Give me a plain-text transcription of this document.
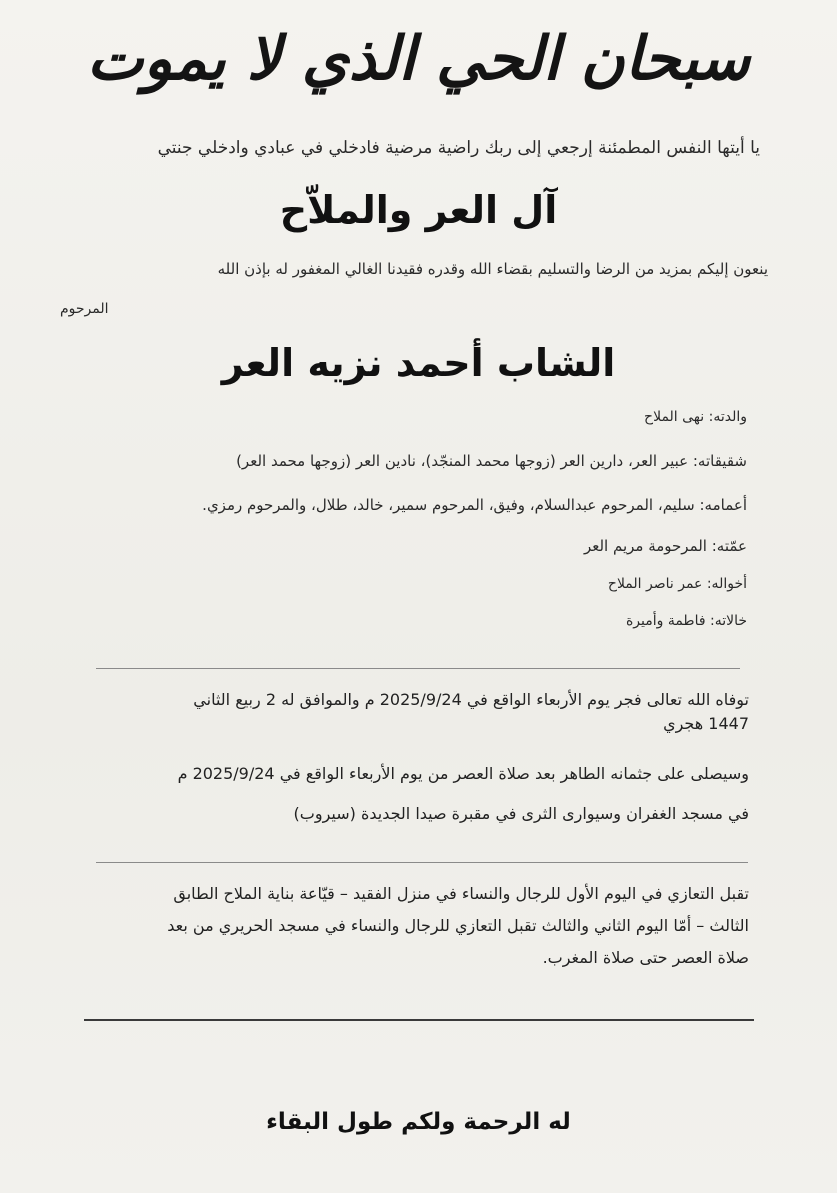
سبحان الحي الذي لا يموت
يا أيتها النفس المطمئنة إرجعي إلى ربك راضية مرضية فادخلي في عبادي وادخلي جنتي
آل العر والملاّح
ينعون إليكم بمزيد من الرضا والتسليم بقضاء الله وقدره فقيدنا الغالي المغفور له بإذن الله
المرحوم
الشاب أحمد نزيه العر
والدته: نهى الملاح
شقيقاته: عبير العر، دارين العر (زوجها محمد المنجّد)، نادين العر (زوجها محمد العر)
أعمامه: سليم، المرحوم عبدالسلام، وفيق، المرحوم سمير، خالد، طلال، والمرحوم رمزي.
عمّته: المرحومة مريم العر
أخواله: عمر ناصر الملاح
خالاته: فاطمة وأميرة
توفاه الله تعالى فجر يوم الأربعاء الواقع في 2025/9/24 م والموافق له 2 ربيع الثاني
1447 هجري
وسيصلى على جثمانه الطاهر بعد صلاة العصر من يوم الأربعاء الواقع في 2025/9/24 م
في مسجد الغفران وسيوارى الثرى في مقبرة صيدا الجديدة (سيروب)
تقبل التعازي في اليوم الأول للرجال والنساء في منزل الفقيد – قيّاعة بناية الملاح الطابق
الثالث – أمّا اليوم الثاني والثالث تقبل التعازي للرجال والنساء في مسجد الحريري من بعد
صلاة العصر حتى صلاة المغرب.
له الرحمة ولكم طول البقاء
